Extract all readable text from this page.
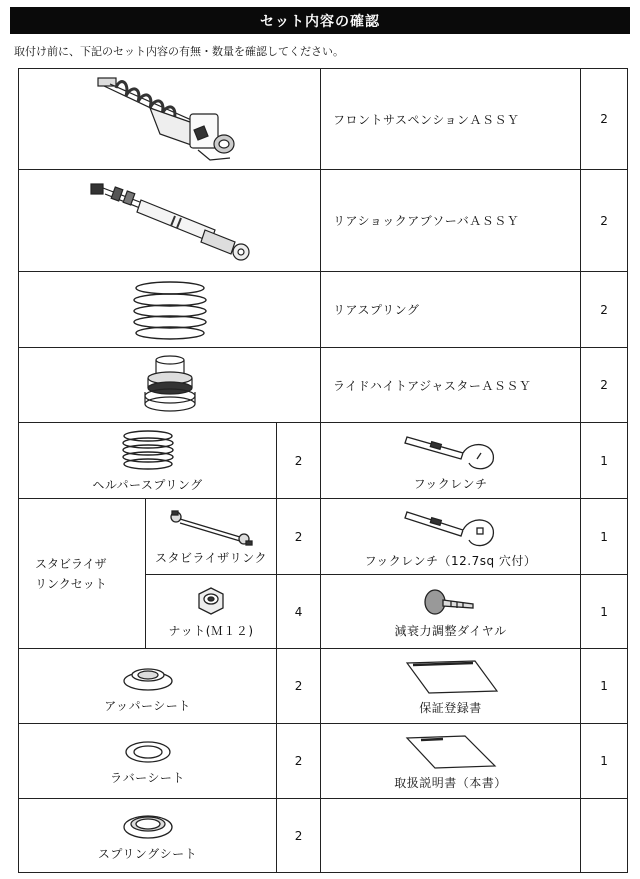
セット内容の確認
取付け前に、下記のセット内容の有無・数量を確認してください。
	フロントサスペンションＡＳＳＹ	2

	リアショックアブソーバＡＳＳＹ	2

	リアスプリング	2

	ライドハイトアジャスターＡＳＳＹ	2

ヘルパースプリング		2	フックレンチ	1

スタビライザ
リンクセット	スタビライザリンク	2	フックレンチ（12.7sq 穴付）	1

	ナット(Ｍ１２)	4	減衰力調整ダイヤル	1

アッパーシート		2	保証登録書	1

ラバーシート		2	取扱説明書（本書）	1

スプリングシート		2		
